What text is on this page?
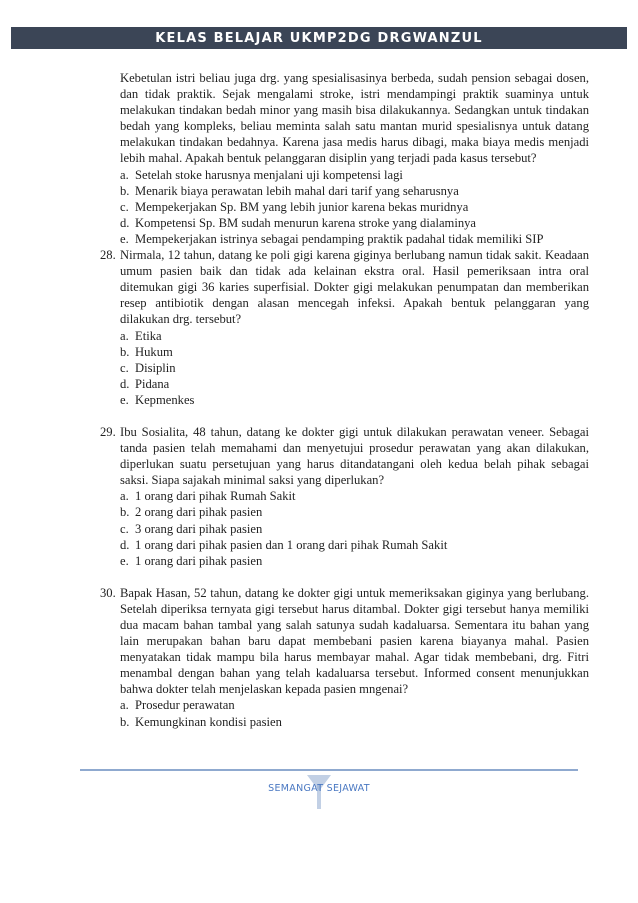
KELAS BELAJAR UKMP2DG DRGWANZUL

Kebetulan istri beliau juga drg. yang spesialisasinya berbeda, sudah pension sebagai dosen, dan tidak praktik. Sejak mengalami stroke, istri mendampingi praktik suaminya untuk melakukan tindakan bedah minor yang masih bisa dilakukannya. Sedangkan untuk tindakan bedah yang kompleks, beliau meminta salah satu mantan murid spesialisnya untuk datang melakukan tindakan bedahnya. Karena jasa medis harus dibagi, maka biaya medis menjadi lebih mahal. Apakah bentuk pelanggaran disiplin yang terjadi pada kasus tersebut?

a. Setelah stoke harusnya menjalani uji kompetensi lagi
b. Menarik biaya perawatan lebih mahal dari tarif yang seharusnya
c. Mempekerjakan Sp. BM yang lebih junior karena bekas muridnya
d. Kompetensi Sp. BM sudah menurun karena stroke yang dialaminya
e. Mempekerjakan istrinya sebagai pendamping praktik padahal tidak memiliki SIP
28. Nirmala, 12 tahun, datang ke poli gigi karena giginya berlubang namun tidak sakit. Keadaan umum pasien baik dan tidak ada kelainan ekstra oral. Hasil pemeriksaan intra oral ditemukan gigi 36 karies superfisial. Dokter gigi melakukan penumpatan dan memberikan resep antibiotik dengan alasan mencegah infeksi. Apakah bentuk pelanggaran yang dilakukan drg. tersebut?
a. Etika
b. Hukum
c. Disiplin
d. Pidana
e. Kepmenkes
29. Ibu Sosialita, 48 tahun, datang ke dokter gigi untuk dilakukan perawatan veneer. Sebagai tanda pasien telah memahami dan menyetujui prosedur perawatan yang akan dilakukan, diperlukan suatu persetujuan yang harus ditandatangani oleh kedua belah pihak sebagai saksi. Siapa sajakah minimal saksi yang diperlukan?
a. 1 orang dari pihak Rumah Sakit
b. 2 orang dari pihak pasien
c. 3 orang dari pihak pasien
d. 1 orang dari pihak pasien dan 1 orang dari pihak Rumah Sakit
e. 1 orang dari pihak pasien
30. Bapak Hasan, 52 tahun, datang ke dokter gigi untuk memeriksakan giginya yang berlubang. Setelah diperiksa ternyata gigi tersebut harus ditambal. Dokter gigi tersebut hanya memiliki dua macam bahan tambal yang salah satunya sudah kadaluarsa. Sementara itu bahan yang lain merupakan bahan baru dapat membebani pasien karena biayanya mahal. Pasien menyatakan tidak mampu bila harus membayar mahal. Agar tidak membebani, drg. Fitri menambal dengan bahan yang telah kadaluarsa tersebut. Informed consent menunjukkan bahwa dokter telah menjelaskan kepada pasien mngenai?
a. Prosedur perawatan
b. Kemungkinan kondisi pasien
SEMANGAT SEJAWAT
